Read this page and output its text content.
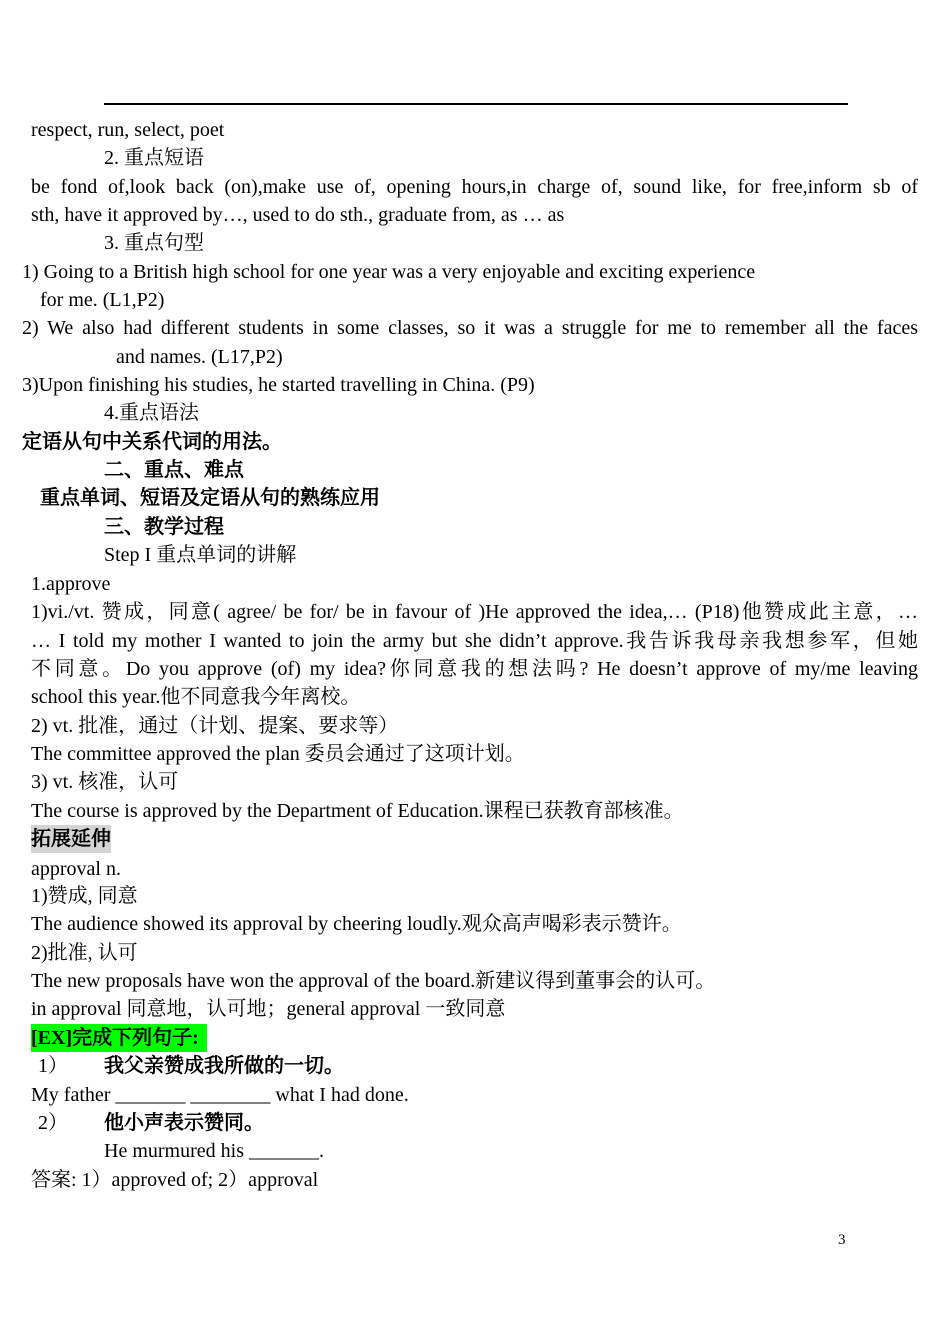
respect, run, select, poet
2. 重点短语
be fond of,look back (on),make use of, opening hours,in charge of, sound like, for free,inform sb of
sth, have it approved by…, used to do sth., graduate from, as … as
3. 重点句型
1) Going to a British high school for one year was a very enjoyable and exciting experience
for me. (L1,P2)
2) We also had different students in some classes, so it was a struggle for me to remember all the faces
and names. (L17,P2)
3)Upon finishing his studies, he started travelling in China. (P9)
4.重点语法
定语从句中关系代词的用法。
二、重点、难点
重点单词、短语及定语从句的熟练应用
三、教学过程
Step I 重点单词的讲解
1.approve
1)vi./vt. 赞成，同意( agree/ be for/ be in favour of )He approved the idea,… (P18)他赞成此主意，…
… I told my mother I wanted to join the army but she didn’t approve.我告诉我母亲我想参军，但她
不同意。Do you approve (of) my idea?你同意我的想法吗? He doesn’t approve of my/me leaving
school this year.他不同意我今年离校。
2) vt. 批准，通过（计划、提案、要求等）
The committee approved the plan 委员会通过了这项计划。
3) vt. 核准，认可
The course is approved by the Department of Education.课程已获教育部核准。
拓展延伸
approval n.
1)赞成, 同意
The audience showed its approval by cheering loudly.观众高声喝彩表示赞许。
2)批准, 认可
The new proposals have won the approval of the board.新建议得到董事会的认可。
in approval 同意地，认可地；general approval 一致同意
[EX]完成下列句子:
1） 我父亲赞成我所做的一切。
My father _______ ________ what I had done.
2） 他小声表示赞同。
He murmured his _______.
答案: 1）approved of; 2）approval
3
